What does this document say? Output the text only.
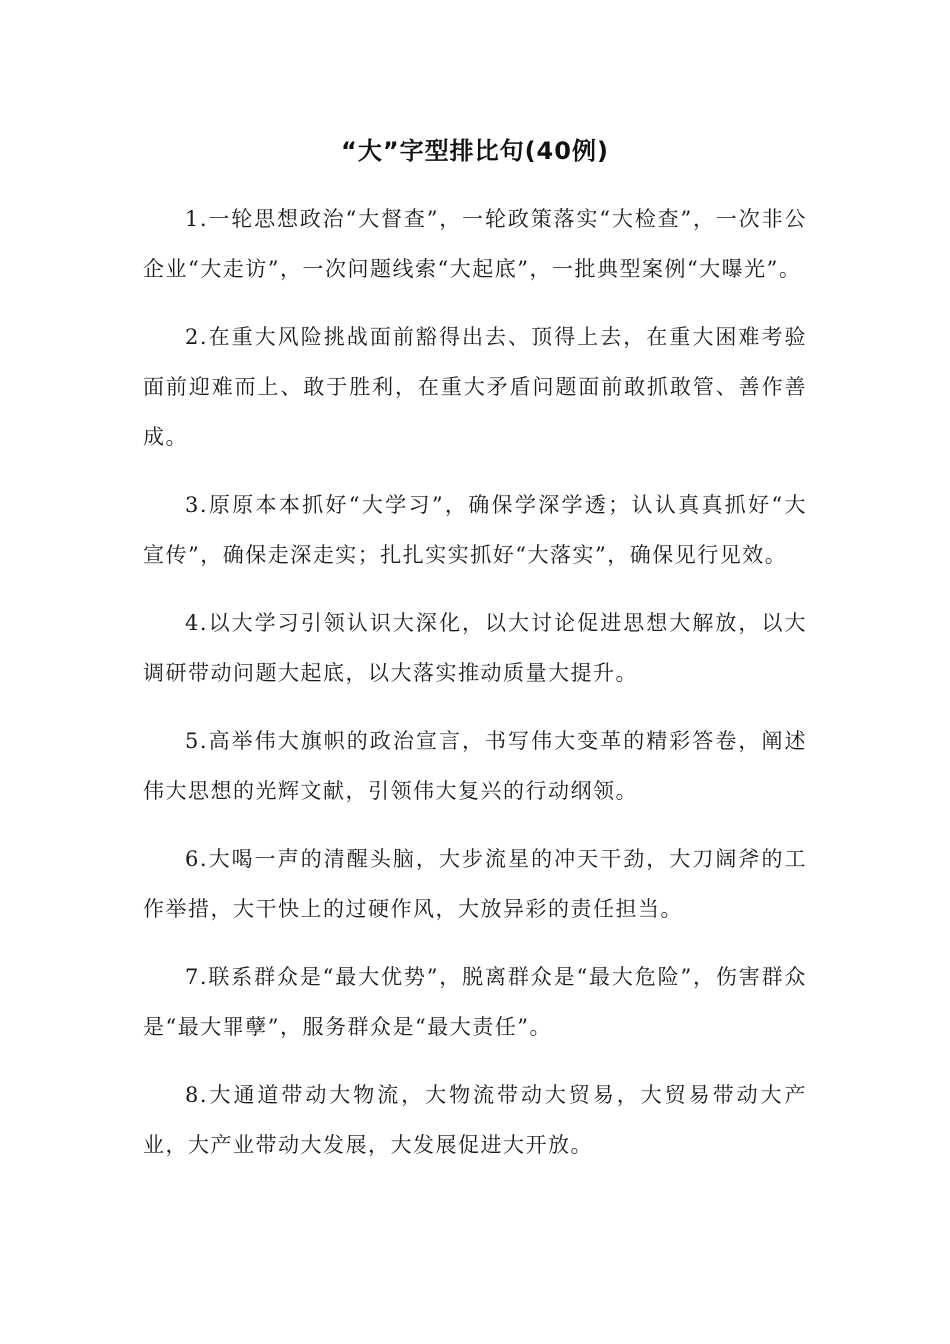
“大”字型排比句(40例)

1.一轮思想政治“大督查”，一轮政策落实“大检查”，一次非公企业“大走访”，一次问题线索“大起底”，一批典型案例“大曝光”。

2.在重大风险挑战面前豁得出去、顶得上去，在重大困难考验面前迎难而上、敢于胜利，在重大矛盾问题面前敢抓敢管、善作善成。

3.原原本本抓好“大学习”，确保学深学透；认认真真抓好“大宣传”，确保走深走实；扎扎实实抓好“大落实”，确保见行见效。

4.以大学习引领认识大深化，以大讨论促进思想大解放，以大调研带动问题大起底，以大落实推动质量大提升。

5.高举伟大旗帜的政治宣言，书写伟大变革的精彩答卷，阐述伟大思想的光辉文献，引领伟大复兴的行动纲领。

6.大喝一声的清醒头脑，大步流星的冲天干劲，大刀阔斧的工作举措，大干快上的过硬作风，大放异彩的责任担当。

7.联系群众是“最大优势”，脱离群众是“最大危险”，伤害群众是“最大罪孽”，服务群众是“最大责任”。

8.大通道带动大物流，大物流带动大贸易，大贸易带动大产业，大产业带动大发展，大发展促进大开放。
